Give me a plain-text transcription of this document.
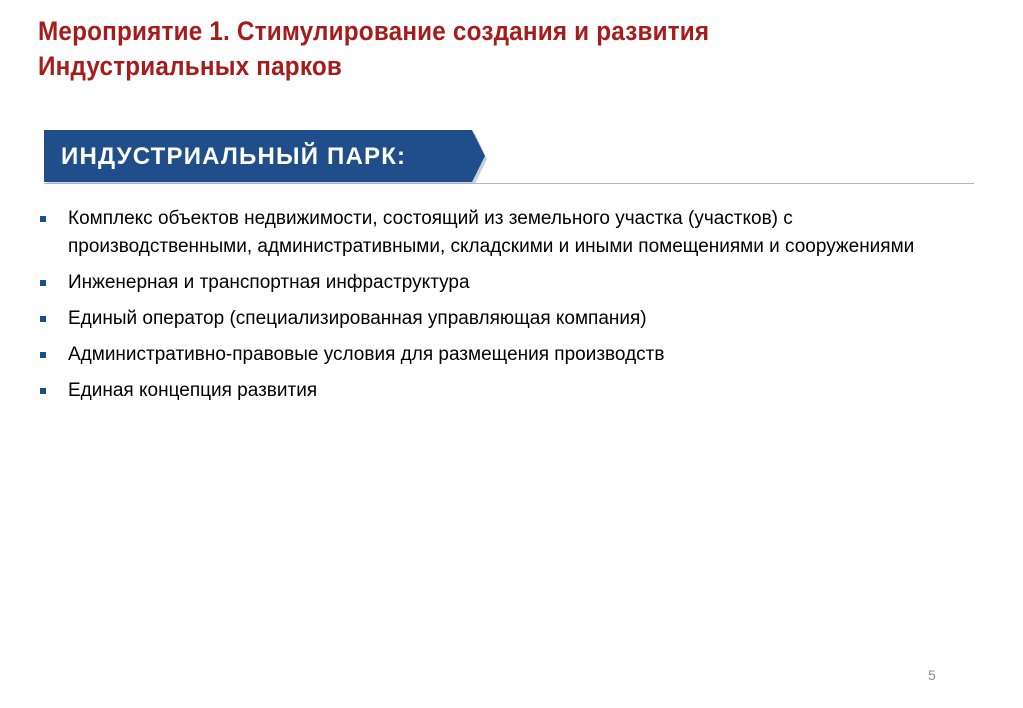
Мероприятие 1. Стимулирование создания и развития Индустриальных парков
ИНДУСТРИАЛЬНЫЙ ПАРК:
Комплекс объектов недвижимости, состоящий из земельного участка (участков) с производственными, административными, складскими и иными помещениями и сооружениями
Инженерная и транспортная инфраструктура
Единый оператор (специализированная управляющая компания)
Административно-правовые условия для размещения производств
Единая концепция развития
5
